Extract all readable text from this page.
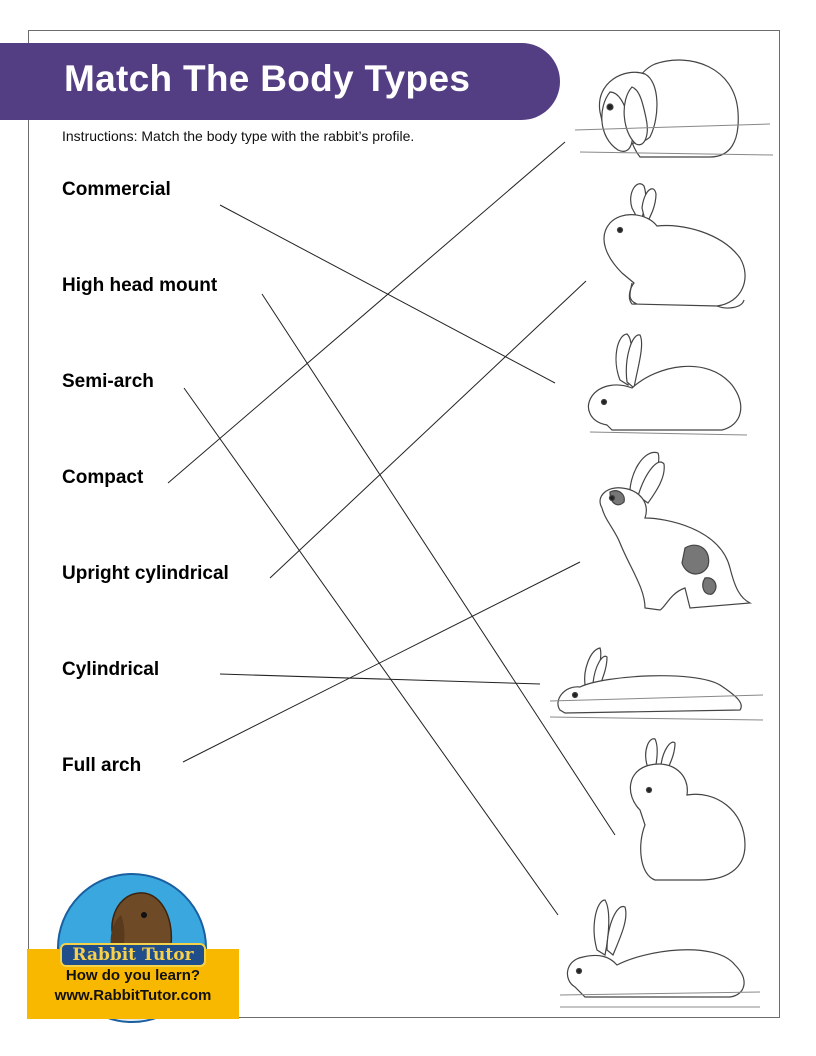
Match The Body Types
Instructions: Match the body type with the rabbit’s profile.
Commercial
High head mount
Semi-arch
Compact
Upright cylindrical
Cylindrical
Full arch
Rabbit Tutor
How do you learn?
www.RabbitTutor.com
